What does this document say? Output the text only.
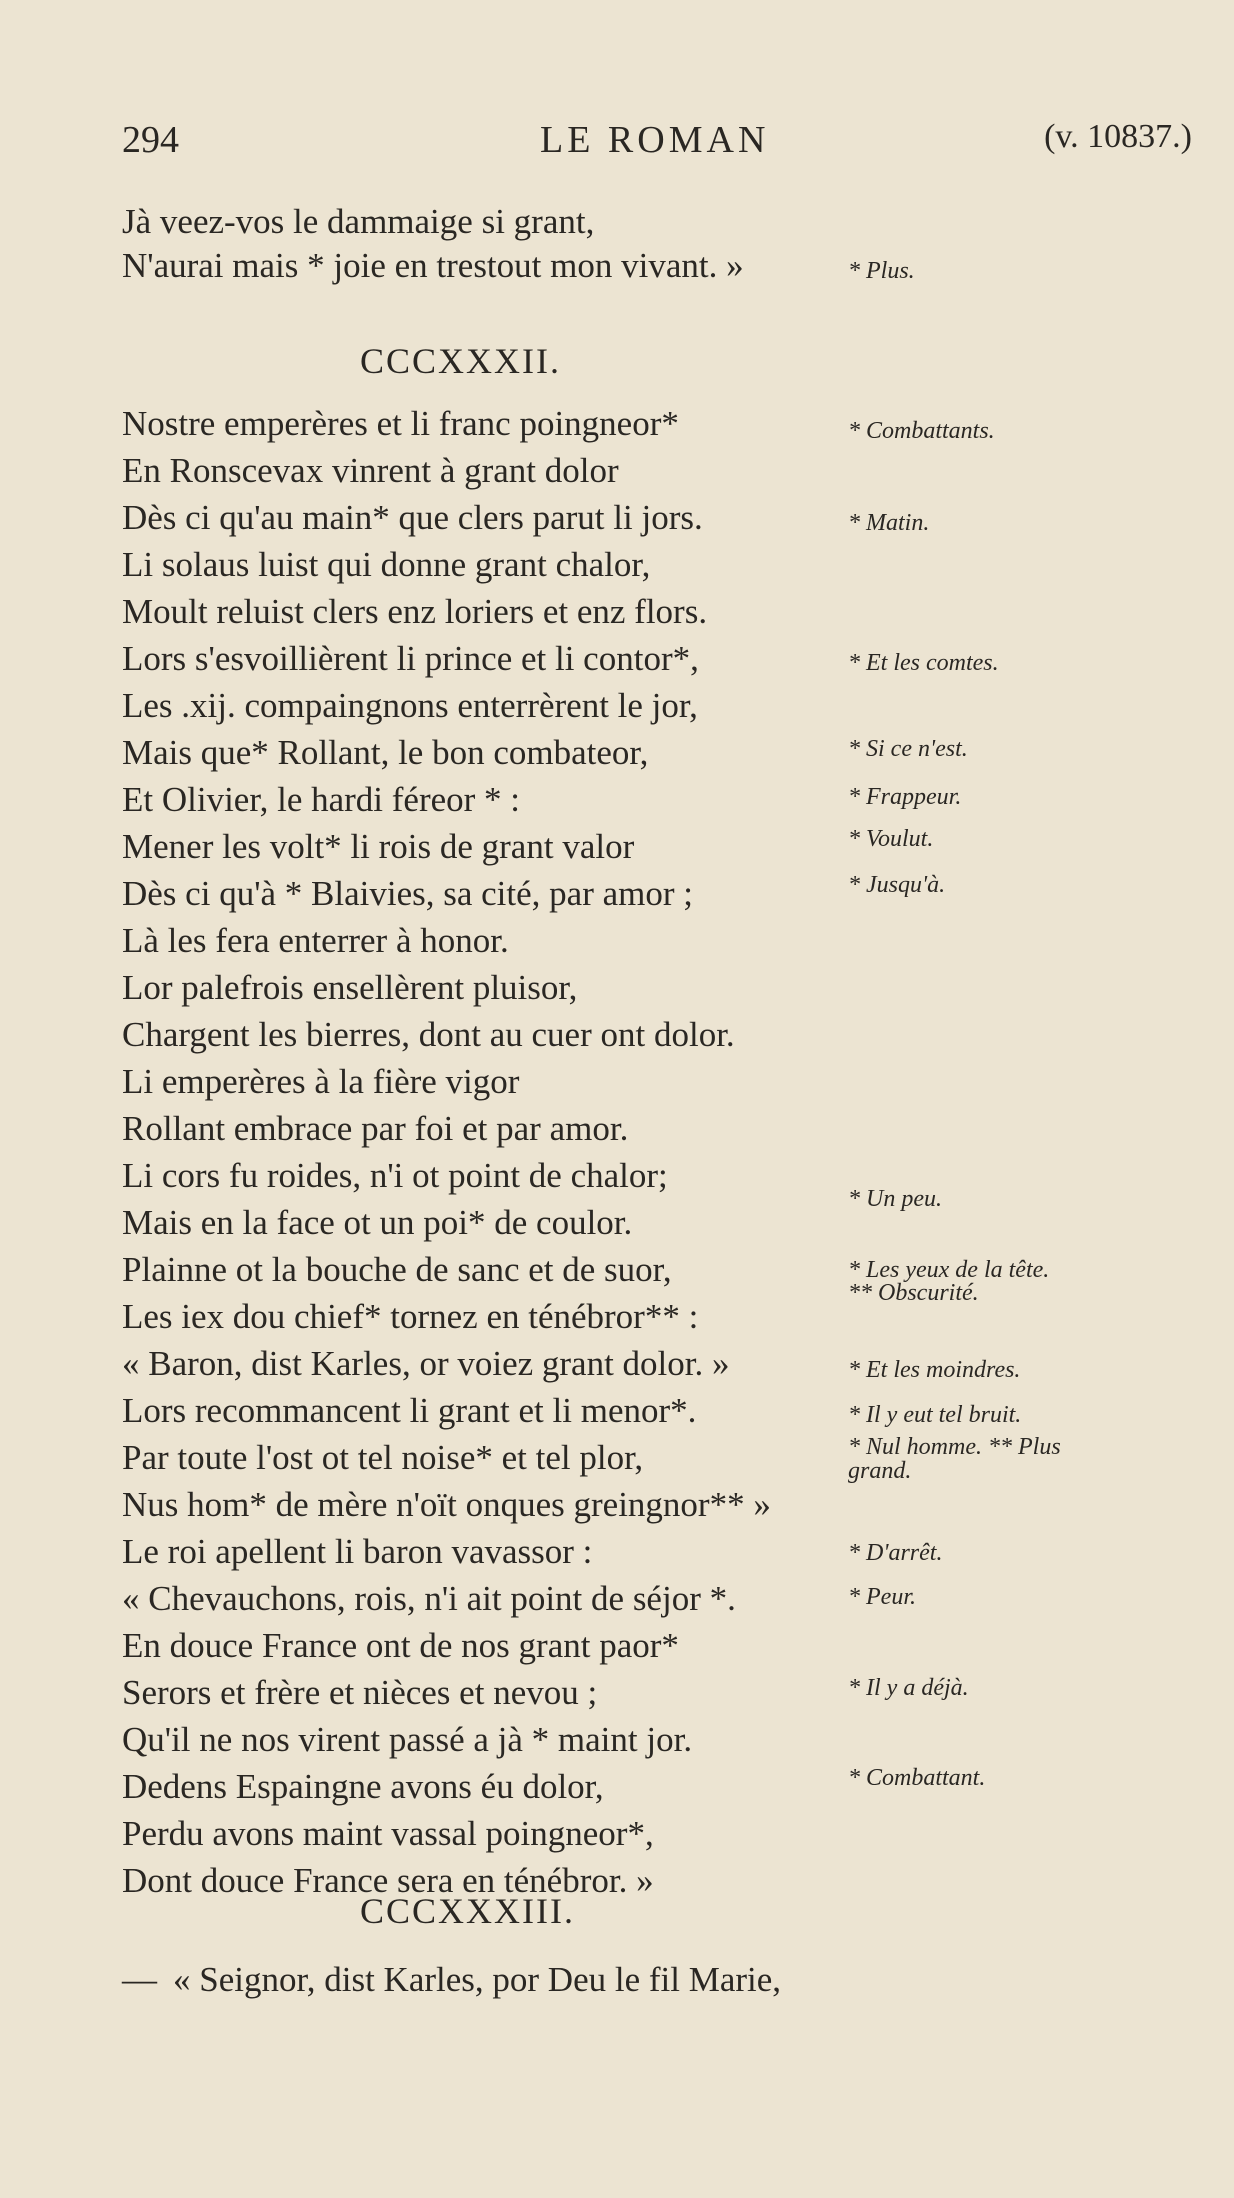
294	LE ROMAN	(v. 10837.)
Jà veez-vos le dammaige si grant,
N'aurai mais * joie en trestout mon vivant. »	* Plus.
CCCXXXII.
Nostre emperères et li franc poingneor*	* Combattants.
En Ronscevax vinrent à grant dolor
Dès ci qu'au main* que clers parut li jors.	* Matin.
Li solaus luist qui donne grant chalor,
Moult reluist clers enz loriers et enz flors.
Lors s'esvoillièrent li prince et li contor*,	* Et les comtes.
Les .xij. compaingnons enterrèrent le jor,
Mais que* Rollant, le bon combateor,	* Si ce n'est.
Et Olivier, le hardi féreor * :	* Frappeur.
Mener les volt* li rois de grant valor	* Voulut.
Dès ci qu'à * Blaivies, sa cité, par amor ;	* Jusqu'à.
Là les fera enterrer à honor.
Lor palefrois ensellèrent pluisor,
Chargent les bierres, dont au cuer ont dolor.
Li emperères à la fière vigor
Rollant embrace par foi et par amor.
Li cors fu roides, n'i ot point de chalor;
Mais en la face ot un poi* de coulor.
* Un peu.
Plainne ot la bouche de sanc et de suor,
Les iex dou chief* tornez en ténébror** :
* Les yeux de la tête.
** Obscurité.
« Baron, dist Karles, or voiez grant dolor. »
Lors recommancent li grant et li menor*.
* Et les moindres.
Par toute l'ost ot tel noise* et tel plor,
* Il y eut tel bruit.
Nus hom* de mère n'oït onques greingnor** »
* Nul homme. ** Plus
grand.
Le roi apellent li baron vavassor :
« Chevauchons, rois, n'i ait point de séjor *.
* D'arrêt.
En douce France ont de nos grant paor*
* Peur.
Serors et frère et nièces et nevou ;
Qu'il ne nos virent passé a jà * maint jor.
* Il y a déjà.
Dedens Espaingne avons éu dolor,
Perdu avons maint vassal poingneor*,
* Combattant.
Dont douce France sera en ténébror. »
CCCXXXIII.
— « Seignor, dist Karles, por Deu le fil Marie,
